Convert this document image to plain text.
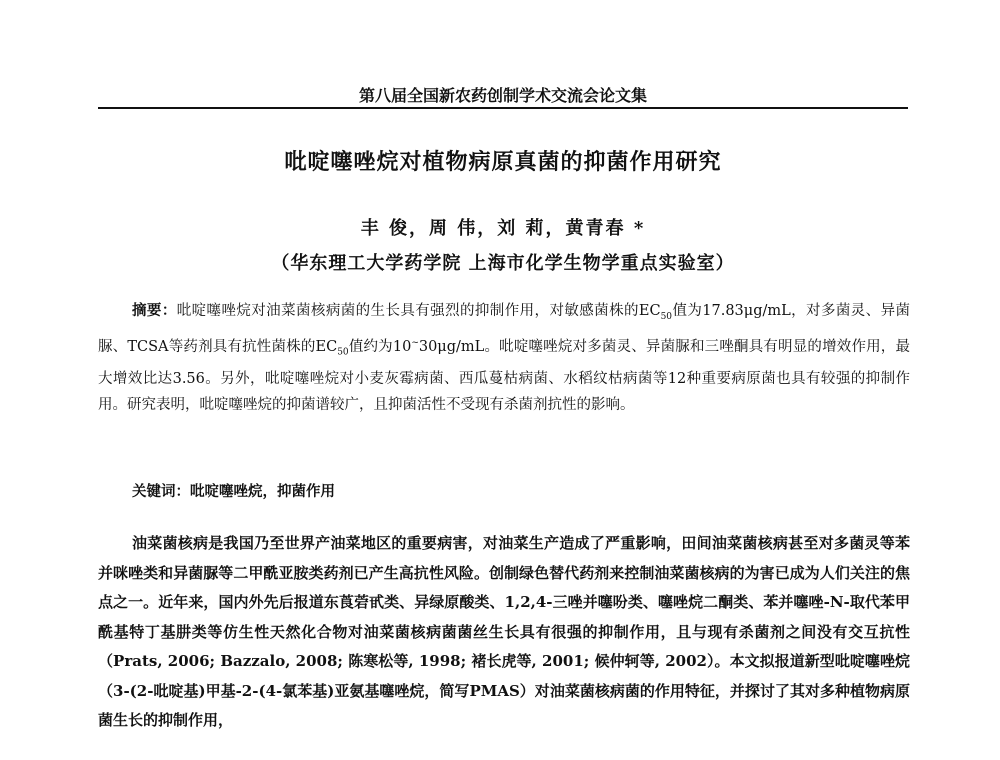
第八届全国新农药创制学术交流会论文集
吡啶噻唑烷对植物病原真菌的抑菌作用研究
丰 俊，周 伟，刘 莉，黄青春 *
（华东理工大学药学院 上海市化学生物学重点实验室）

摘要：吡啶噻唑烷对油菜菌核病菌的生长具有强烈的抑制作用，对敏感菌株的$EC_{50}$值为17.83μg/mL，对多菌灵、异菌脲、TCSA等药剂具有抗性菌株的$EC_{50}$值约为10~30μg/mL。吡啶噻唑烷对多菌灵、异菌脲和三唑酮具有明显的增效作用，最大增效比达3.56。另外，吡啶噻唑烷对小麦灰霉病菌、西瓜蔓枯病菌、水稻纹枯病菌等12种重要病原菌也具有较强的抑制作用。研究表明，吡啶噻唑烷的抑菌谱较广，且抑菌活性不受现有杀菌剂抗性的影响。

关键词：吡啶噻唑烷，抑菌作用

油菜菌核病是我国乃至世界产油菜地区的重要病害，对油菜生产造成了严重影响，田间油菜菌核病甚至对多菌灵等苯并咪唑类和异菌脲等二甲酰亚胺类药剂已产生高抗性风险。创制绿色替代药剂来控制油菜菌核病的为害已成为人们关注的焦点之一。近年来，国内外先后报道东莨菪甙类、异绿原酸类、1,2,4-三唑并噻吩类、噻唑烷二酮类、苯并噻唑-N-取代苯甲酰基特丁基肼类等仿生性天然化合物对油菜菌核病菌菌丝生长具有很强的抑制作用，且与现有杀菌剂之间没有交互抗性（Prats, 2006; Bazzalo, 2008; 陈寒松等, 1998; 褚长虎等, 2001; 候仲轲等, 2002）。本文拟报道新型吡啶噻唑烷（3-(2-吡啶基)甲基-2-(4-氯苯基)亚氨基噻唑烷，简写PMAS）对油菜菌核病菌的作用特征，并探讨了其对多种植物病原菌生长的抑制作用，
